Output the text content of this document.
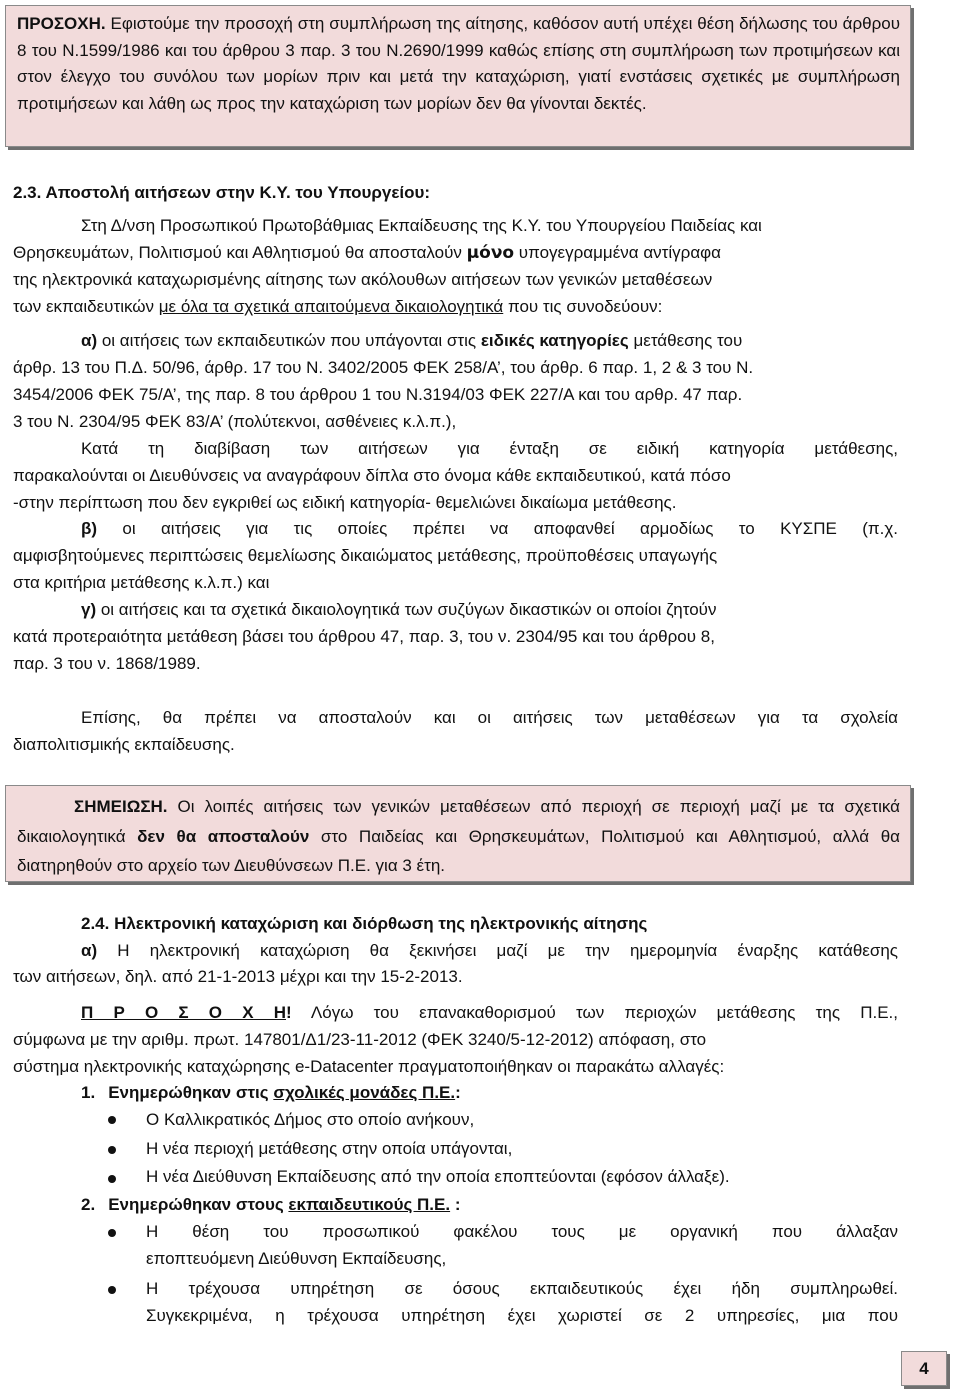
ΠΡΟΣΟΧΗ. Εφιστούμε την προσοχή στη συμπλήρωση της αίτησης, καθόσον αυτή υπέχει θέση δήλωσης του άρθρου 8 του Ν.1599/1986 και του άρθρου 3 παρ. 3 του Ν.2690/1999 καθώς επίσης στη συμπλήρωση των προτιμήσεων και στον έλεγχο του συνόλου των μορίων πριν και μετά την καταχώριση, γιατί ενστάσεις σχετικές με συμπλήρωση προτιμήσεων και λάθη ως προς την καταχώριση των μορίων δεν θα γίνονται δεκτές.

2.3. Αποστολή αιτήσεων στην Κ.Υ. του Υπουργείου:
Στη Δ/νση Προσωπικού Πρωτοβάθμιας Εκπαίδευσης της Κ.Υ. του Υπουργείου Παιδείας και
Θρησκευμάτων, Πολιτισμού και Αθλητισμού θα αποσταλούν μόνο υπογεγραμμένα αντίγραφα
της ηλεκτρονικά καταχωρισμένης αίτησης των ακόλουθων αιτήσεων των γενικών μεταθέσεων
των εκπαιδευτικών με όλα τα σχετικά απαιτούμενα δικαιολογητικά που τις συνοδεύουν:
α) οι αιτήσεις των εκπαιδευτικών που υπάγονται στις ειδικές κατηγορίες μετάθεσης του
άρθρ. 13 του Π.Δ. 50/96, άρθρ. 17 του Ν. 3402/2005 ΦΕΚ 258/Α’, του άρθρ. 6 παρ. 1, 2 & 3 του Ν.
3454/2006 ΦΕΚ 75/Α’, της παρ. 8 του άρθρου 1 του Ν.3194/03 ΦΕΚ 227/Α και του αρθρ. 47 παρ.
3 του Ν. 2304/95 ΦΕΚ 83/Α’ (πολύτεκνοι, ασθένειες κ.λ.π.),
Κατά τη διαβίβαση των αιτήσεων για ένταξη σε ειδική κατηγορία μετάθεσης,
παρακαλούνται οι Διευθύνσεις να αναγράφουν δίπλα στο όνομα κάθε εκπαιδευτικού, κατά πόσο
-στην περίπτωση που δεν εγκριθεί ως ειδική κατηγορία- θεμελιώνει δικαίωμα μετάθεσης.
β) οι αιτήσεις για τις οποίες πρέπει να αποφανθεί αρμοδίως το ΚΥΣΠΕ (π.χ.
αμφισβητούμενες περιπτώσεις θεμελίωσης δικαιώματος μετάθεσης, προϋποθέσεις υπαγωγής
στα κριτήρια μετάθεσης κ.λ.π.) και
γ) οι αιτήσεις και τα σχετικά δικαιολογητικά των συζύγων δικαστικών οι οποίοι ζητούν
κατά προτεραιότητα μετάθεση βάσει του άρθρου 47, παρ. 3, του ν. 2304/95 και του άρθρου 8,
παρ. 3 του ν. 1868/1989.
Επίσης, θα πρέπει να αποσταλούν και οι αιτήσεις των μεταθέσεων για τα σχολεία
διαπολιτισμικής εκπαίδευσης.

ΣΗΜΕΙΩΣΗ. Οι λοιπές αιτήσεις των γενικών μεταθέσεων από περιοχή σε περιοχή μαζί με τα σχετικά δικαιολογητικά δεν θα αποσταλούν στο Παιδείας και Θρησκευμάτων, Πολιτισμού και Αθλητισμού, αλλά θα διατηρηθούν στο αρχείο των Διευθύνσεων Π.Ε. για 3 έτη.

2.4. Ηλεκτρονική καταχώριση και διόρθωση της ηλεκτρονικής αίτησης
α) Η ηλεκτρονική καταχώριση θα ξεκινήσει μαζί με την ημερομηνία έναρξης κατάθεσης
των αιτήσεων, δηλ. από 21-1-2013 μέχρι και την 15-2-2013.
Π Ρ Ο Σ Ο Χ Η! Λόγω του επανακαθορισμού των περιοχών μετάθεσης της Π.Ε.,
σύμφωνα με την αριθμ. πρωτ. 147801/Δ1/23-11-2012 (ΦΕΚ 3240/5-12-2012) απόφαση, στο
σύστημα ηλεκτρονικής καταχώρησης e-Datacenter πραγματοποιήθηκαν οι παρακάτω αλλαγές:
1. Ενημερώθηκαν στις σχολικές μονάδες Π.Ε.:
Ο Καλλικρατικός Δήμος στο οποίο ανήκουν,
Η νέα περιοχή μετάθεσης στην οποία υπάγονται,
Η νέα Διεύθυνση Εκπαίδευσης από την οποία εποπτεύονται (εφόσον άλλαξε).
2. Ενημερώθηκαν στους εκπαιδευτικούς Π.Ε. :
Η θέση του προσωπικού φακέλου τους με οργανική που άλλαξαν
εποπτευόμενη Διεύθυνση Εκπαίδευσης,
Η τρέχουσα υπηρέτηση σε όσους εκπαιδευτικούς έχει ήδη συμπληρωθεί.
Συγκεκριμένα, η τρέχουσα υπηρέτηση έχει χωριστεί σε 2 υπηρεσίες, μια που
4
